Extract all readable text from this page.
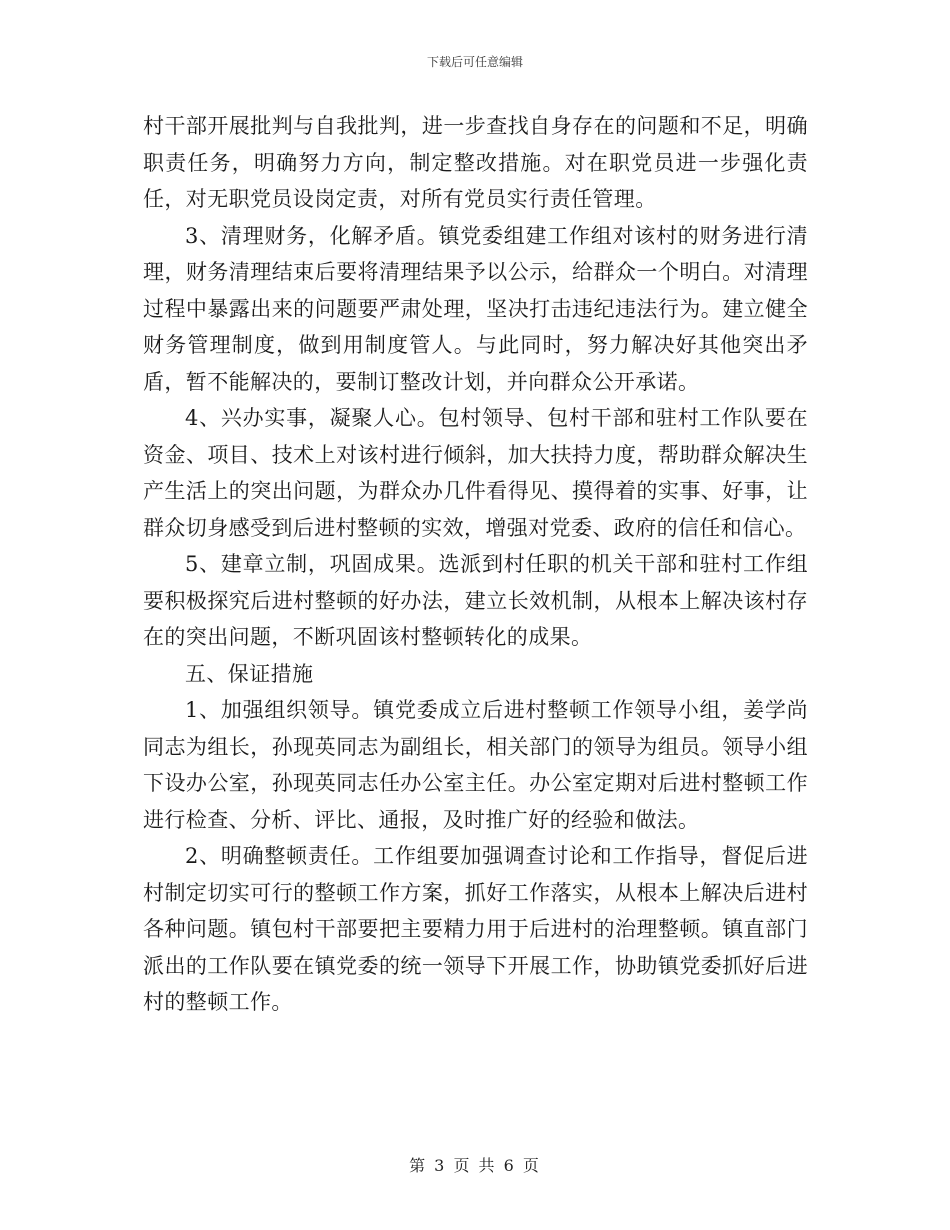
下载后可任意编辑

村干部开展批判与自我批判，进一步查找自身存在的问题和不足，明确职责任务，明确努力方向，制定整改措施。对在职党员进一步强化责任，对无职党员设岗定责，对所有党员实行责任管理。

3、清理财务，化解矛盾。镇党委组建工作组对该村的财务进行清理，财务清理结束后要将清理结果予以公示，给群众一个明白。对清理过程中暴露出来的问题要严肃处理，坚决打击违纪违法行为。建立健全财务管理制度，做到用制度管人。与此同时，努力解决好其他突出矛盾，暂不能解决的，要制订整改计划，并向群众公开承诺。

4、兴办实事，凝聚人心。包村领导、包村干部和驻村工作队要在资金、项目、技术上对该村进行倾斜，加大扶持力度，帮助群众解决生产生活上的突出问题，为群众办几件看得见、摸得着的实事、好事，让群众切身感受到后进村整顿的实效，增强对党委、政府的信任和信心。

5、建章立制，巩固成果。选派到村任职的机关干部和驻村工作组要积极探究后进村整顿的好办法，建立长效机制，从根本上解决该村存在的突出问题，不断巩固该村整顿转化的成果。

五、保证措施

1、加强组织领导。镇党委成立后进村整顿工作领导小组，姜学尚同志为组长，孙现英同志为副组长，相关部门的领导为组员。领导小组下设办公室，孙现英同志任办公室主任。办公室定期对后进村整顿工作进行检查、分析、评比、通报，及时推广好的经验和做法。

2、明确整顿责任。工作组要加强调查讨论和工作指导，督促后进村制定切实可行的整顿工作方案，抓好工作落实，从根本上解决后进村各种问题。镇包村干部要把主要精力用于后进村的治理整顿。镇直部门派出的工作队要在镇党委的统一领导下开展工作，协助镇党委抓好后进村的整顿工作。

第 3 页 共 6 页
